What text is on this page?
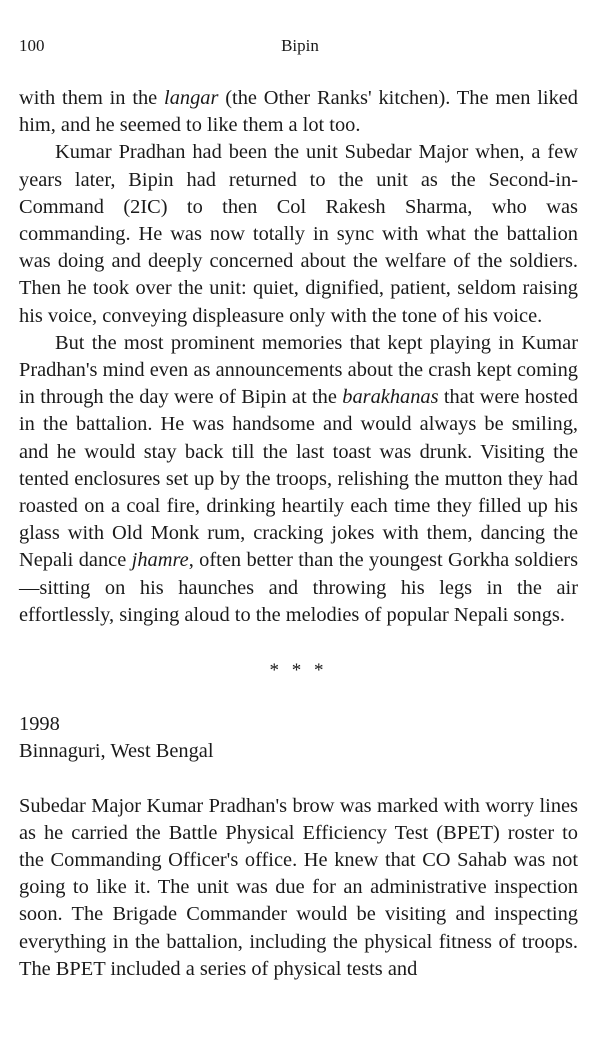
100	Bipin

with them in the langar (the Other Ranks' kitchen). The men liked him, and he seemed to like them a lot too.

Kumar Pradhan had been the unit Subedar Major when, a few years later, Bipin had returned to the unit as the Second-in-Command (2IC) to then Col Rakesh Sharma, who was commanding. He was now totally in sync with what the battalion was doing and deeply concerned about the welfare of the soldiers. Then he took over the unit: quiet, dignified, patient, seldom raising his voice, conveying displeasure only with the tone of his voice.

But the most prominent memories that kept playing in Kumar Pradhan's mind even as announcements about the crash kept coming in through the day were of Bipin at the barakhanas that were hosted in the battalion. He was handsome and would always be smiling, and he would stay back till the last toast was drunk. Visiting the tented enclosures set up by the troops, relishing the mutton they had roasted on a coal fire, drinking heartily each time they filled up his glass with Old Monk rum, cracking jokes with them, dancing the Nepali dance jhamre, often better than the youngest Gorkha soldiers—sitting on his haunches and throwing his legs in the air effortlessly, singing aloud to the melodies of popular Nepali songs.

* * *

1998

Binnaguri, West Bengal

Subedar Major Kumar Pradhan's brow was marked with worry lines as he carried the Battle Physical Efficiency Test (BPET) roster to the Commanding Officer's office. He knew that CO Sahab was not going to like it. The unit was due for an administrative inspection soon. The Brigade Commander would be visiting and inspecting everything in the battalion, including the physical fitness of troops. The BPET included a series of physical tests and
